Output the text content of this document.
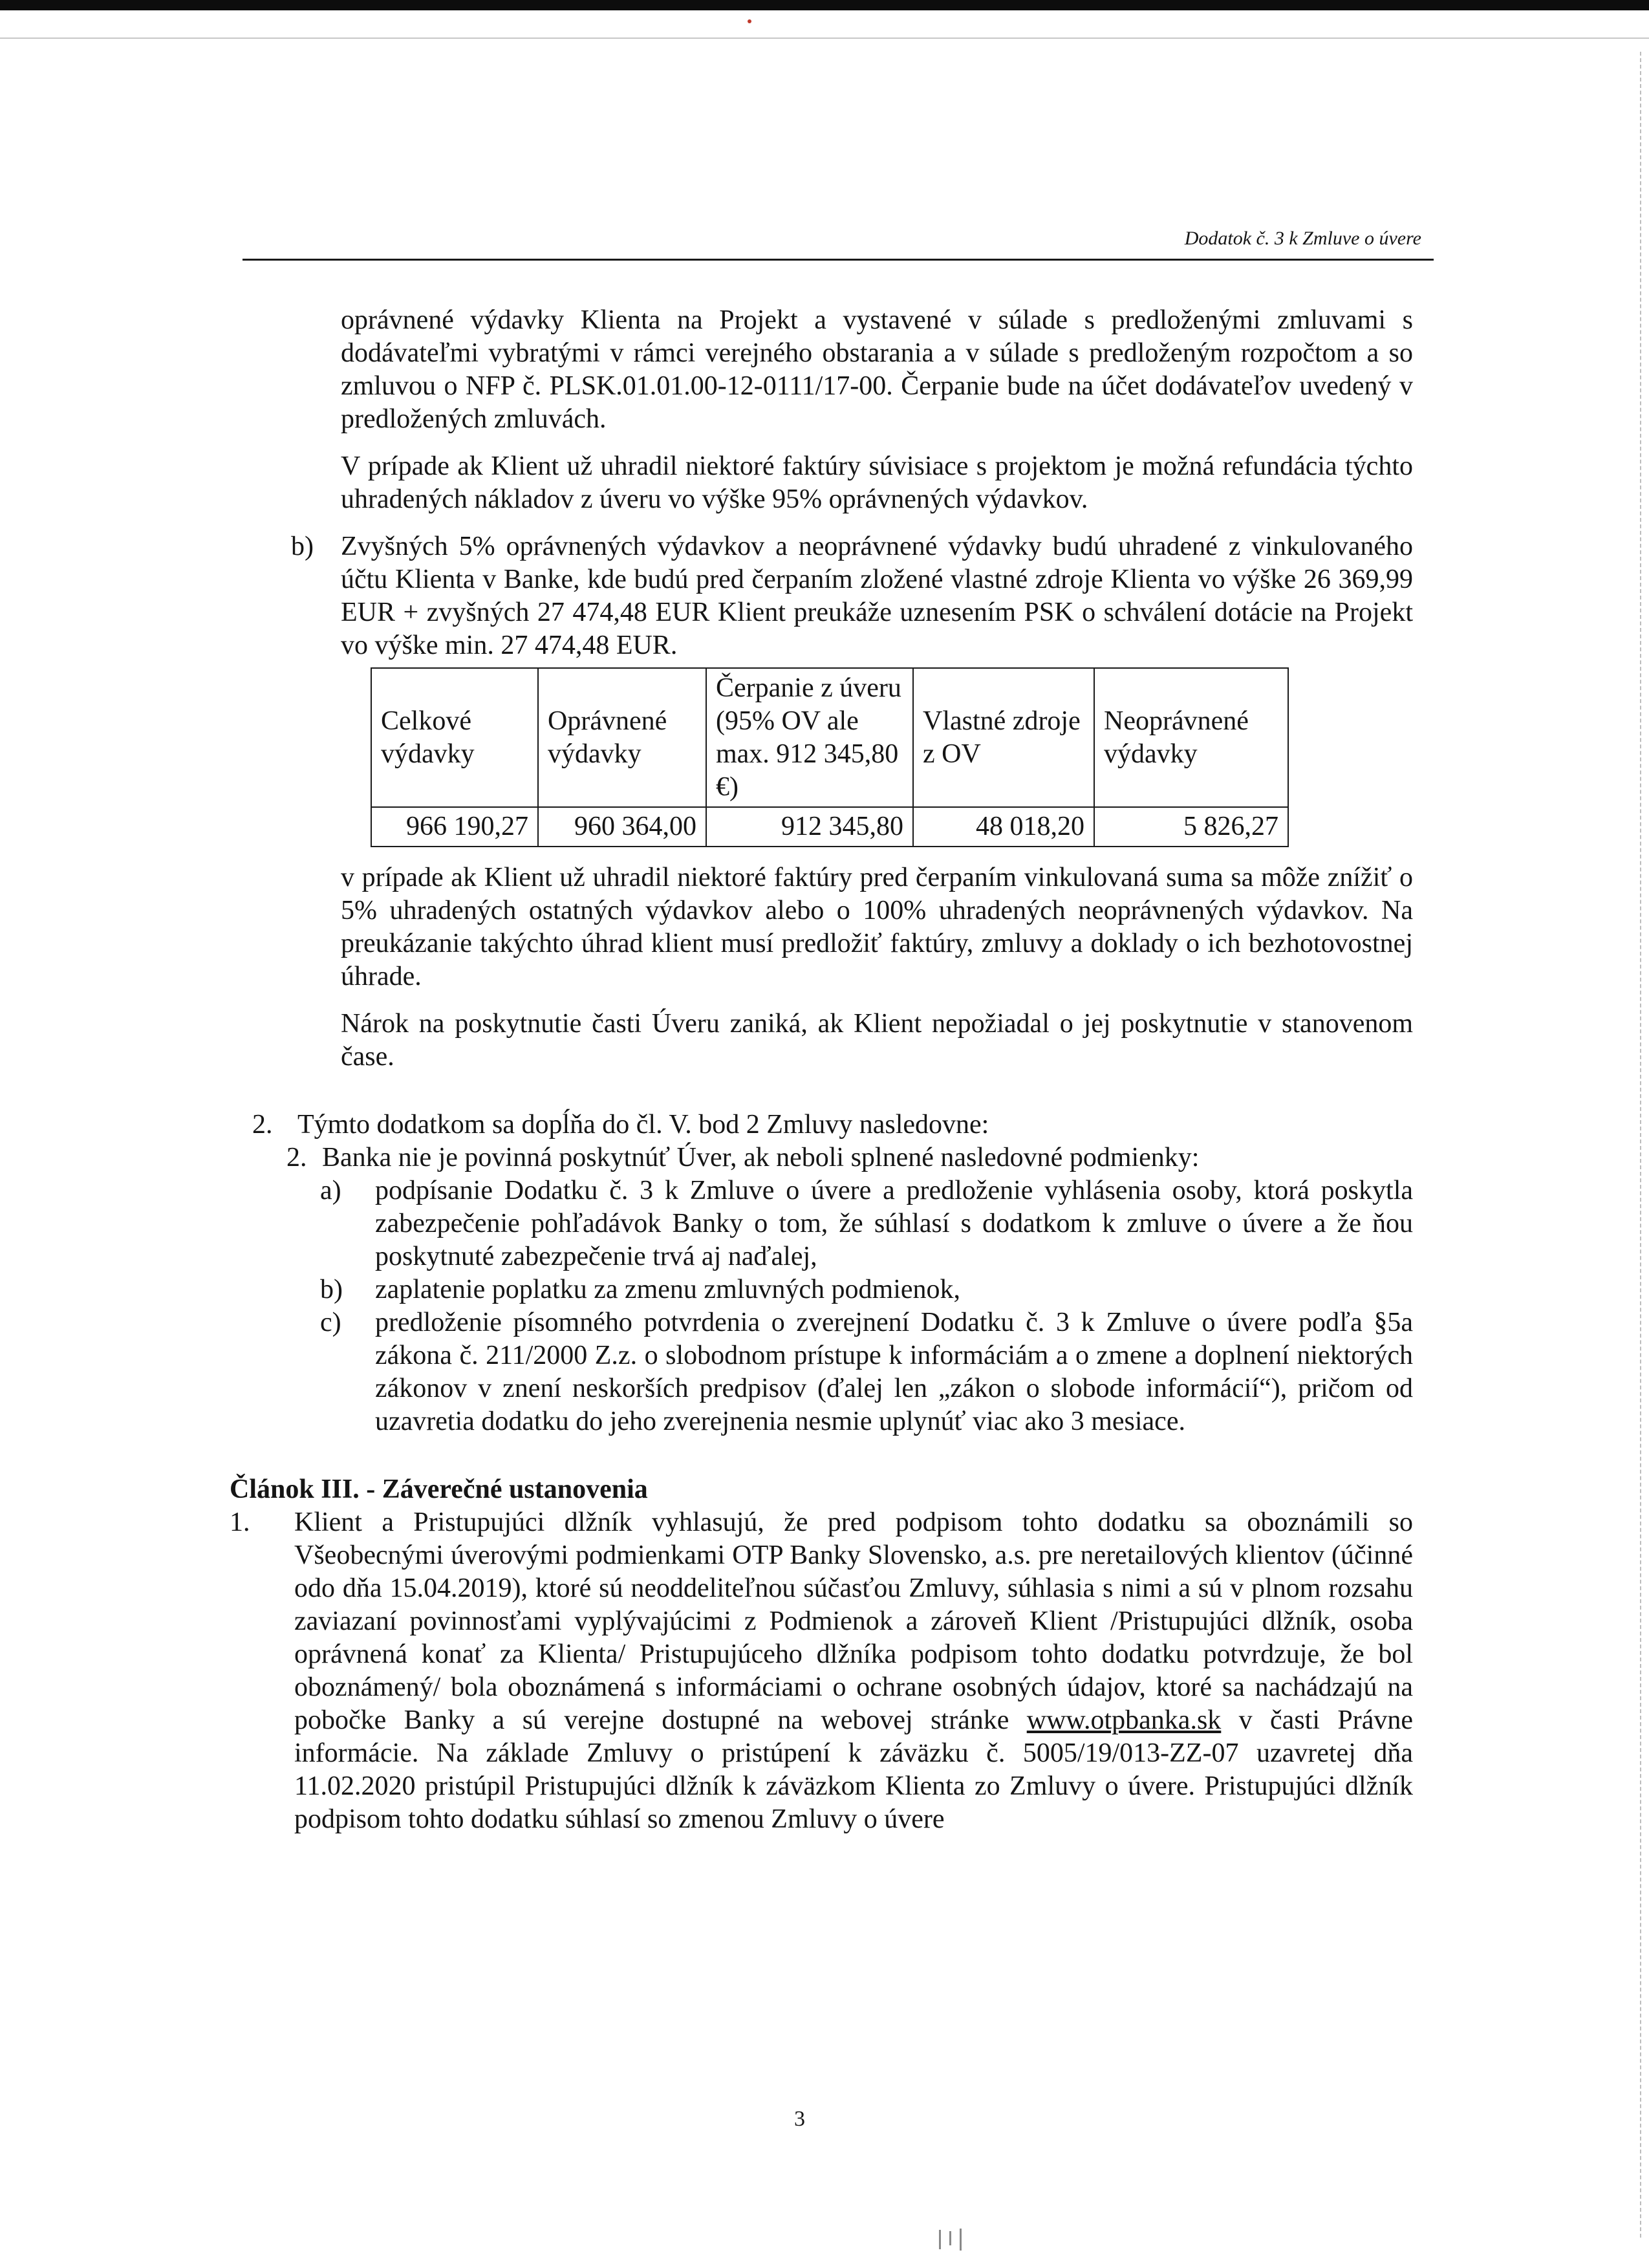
Dodatok č. 3 k Zmluve o úvere

oprávnené výdavky Klienta na Projekt a vystavené v súlade s predloženými zmluvami s dodávateľmi vybratými v rámci verejného obstarania a v súlade s predloženým rozpočtom a so zmluvou o NFP č. PLSK.01.01.00-12-0111/17-00. Čerpanie bude na účet dodávateľov uvedený v predložených zmluvách.

V prípade ak Klient už uhradil niektoré faktúry súvisiace s projektom je možná refundácia týchto uhradených nákladov z úveru vo výške 95% oprávnených výdavkov.

b)	Zvyšných 5% oprávnených výdavkov a neoprávnené výdavky budú uhradené z vinkulovaného účtu Klienta v Banke, kde budú pred čerpaním zložené vlastné zdroje Klienta vo výške 26 369,99 EUR + zvyšných 27 474,48 EUR Klient preukáže uznesením PSK o schválení dotácie na Projekt vo výške min. 27 474,48 EUR.
Celkové výdavky	Oprávnené výdavky	Čerpanie z úveru (95% OV ale max. 912 345,80 €)	Vlastné zdroje z OV	Neoprávnené výdavky
966 190,27	960 364,00	912 345,80	48 018,20	5 826,27

v prípade ak Klient už uhradil niektoré faktúry pred čerpaním vinkulovaná suma sa môže znížiť o 5% uhradených ostatných výdavkov alebo o 100% uhradených neoprávnených výdavkov. Na preukázanie takýchto úhrad klient musí predložiť faktúry, zmluvy a doklady o ich bezhotovostnej úhrade.

Nárok na poskytnutie časti Úveru zaniká, ak Klient nepožiadal o jej poskytnutie v stanovenom čase.

2. Týmto dodatkom sa dopĺňa do čl. V. bod 2 Zmluvy nasledovne:
2. Banka nie je povinná poskytnúť Úver, ak neboli splnené nasledovné podmienky:
a)	podpísanie Dodatku č. 3 k Zmluve o úvere a predloženie vyhlásenia osoby, ktorá poskytla zabezpečenie pohľadávok Banky o tom, že súhlasí s dodatkom k zmluve o úvere a že ňou poskytnuté zabezpečenie trvá aj naďalej,
b)	zaplatenie poplatku za zmenu zmluvných podmienok,
c)	predloženie písomného potvrdenia o zverejnení Dodatku č. 3 k Zmluve o úvere podľa §5a zákona č. 211/2000 Z.z. o slobodnom prístupe k informáciám a o zmene a doplnení niektorých zákonov v znení neskorších predpisov (ďalej len „zákon o slobode informácií“), pričom od uzavretia dodatku do jeho zverejnenia nesmie uplynúť viac ako 3 mesiace.
Článok III. - Záverečné ustanovenia
1.	Klient a Pristupujúci dlžník vyhlasujú, že pred podpisom tohto dodatku sa oboznámili so Všeobecnými úverovými podmienkami OTP Banky Slovensko, a.s. pre neretailových klientov (účinné odo dňa 15.04.2019), ktoré sú neoddeliteľnou súčasťou Zmluvy, súhlasia s nimi a sú v plnom rozsahu zaviazaní povinnosťami vyplývajúcimi z Podmienok a zároveň Klient /Pristupujúci dlžník, osoba oprávnená konať za Klienta/ Pristupujúceho dlžníka podpisom tohto dodatku potvrdzuje, že bol oboznámený/ bola oboznámená s informáciami o ochrane osobných údajov, ktoré sa nachádzajú na pobočke Banky a sú verejne dostupné na webovej stránke www.otpbanka.sk v časti Právne informácie. Na základe Zmluvy o pristúpení k záväzku č. 5005/19/013-ZZ-07 uzavretej dňa 11.02.2020 pristúpil Pristupujúci dlžník k záväzkom Klienta zo Zmluvy o úvere. Pristupujúci dlžník podpisom tohto dodatku súhlasí so zmenou Zmluvy o úvere
3
